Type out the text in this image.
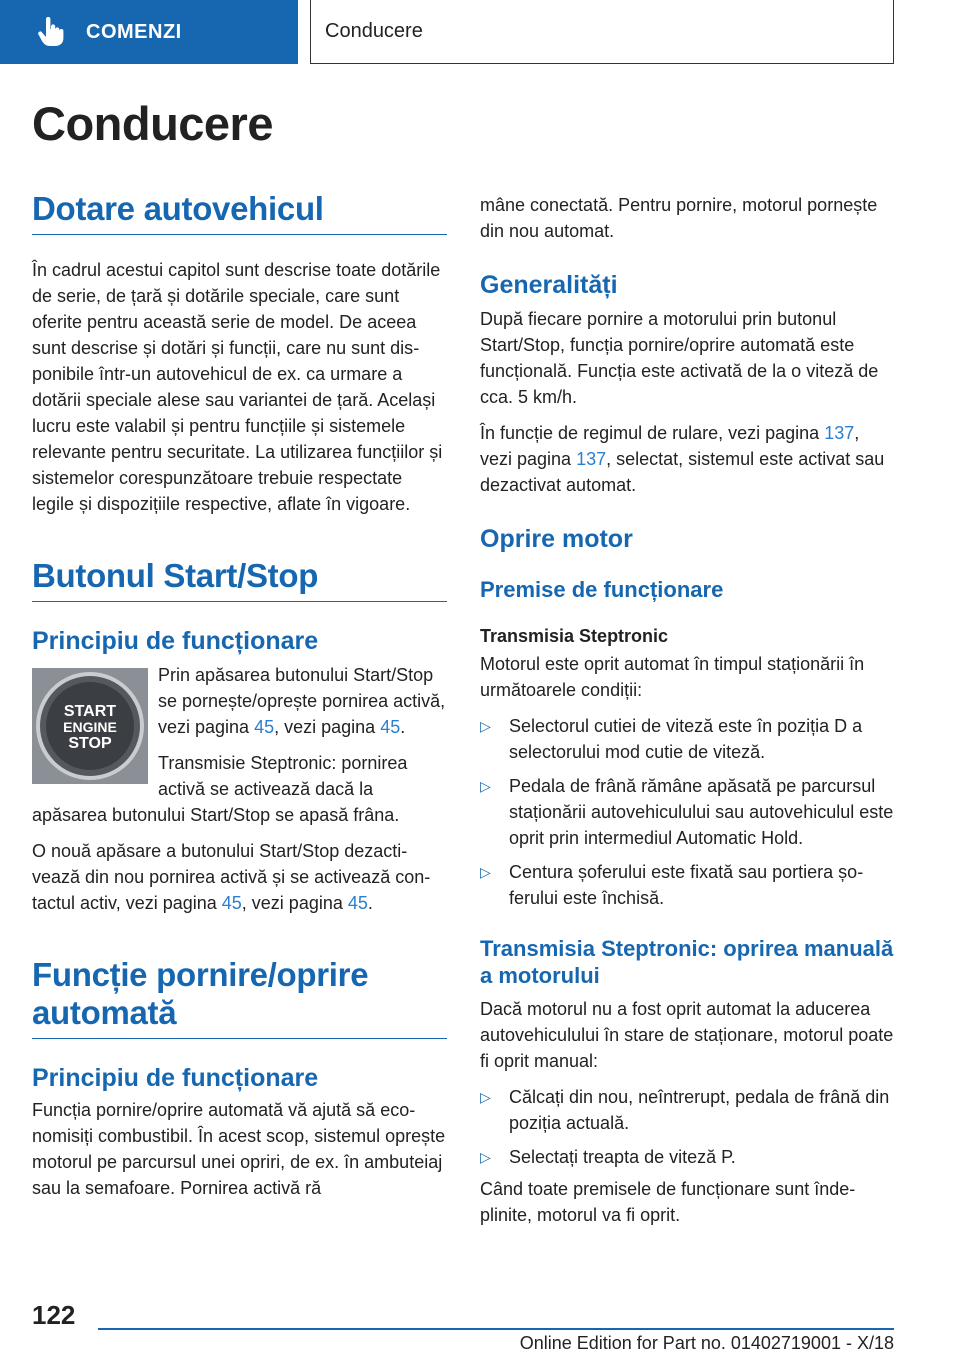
COMENZI	Conducere
Conducere
Dotare autovehicul

În cadrul acestui capitol sunt descrise toate dotările de serie, de țară și dotările speciale, care sunt oferite pentru această serie de model. De aceea sunt descrise și dotări și funcții, care nu sunt disponibile într-un autovehicul de ex. ca urmare a dotării speciale alese sau variantei de țară. Același lucru este valabil și pentru funcțiile și sistemele relevante pentru securitate. La utilizarea funcțiilor și sistemelor corespunzătoare trebuie respectate legile și dispozițiile respective, aflate în vigoare.

Butonul Start/Stop
Principiu de funcționare
START
ENGINE
STOP

Prin apăsarea butonului Start/Stop se pornește/oprește pornirea activă, vezi pagina 45, vezi pagina 45.

Transmisie Steptronic: pornirea activă se activează dacă la apăsarea butonului Start/Stop se apasă frâna.

O nouă apăsare a butonului Start/Stop dezactivează din nou pornirea activă și se activează contactul activ, vezi pagina 45, vezi pagina 45.

Funcție pornire/oprire automată
Principiu de funcționare

Funcția pornire/oprire automată vă ajută să economisiți combustibil. În acest scop, sistemul oprește motorul pe parcursul unei opriri, de ex. în ambuteiaj sau la semafoare. Pornirea activă ră

mâne conectată. Pentru pornire, motorul pornește din nou automat.

Generalități

După fiecare pornire a motorului prin butonul Start/Stop, funcția pornire/oprire automată este funcțională. Funcția este activată de la o viteză de cca. 5 km/h.

În funcție de regimul de rulare, vezi pagina 137, vezi pagina 137, selectat, sistemul este activat sau dezactivat automat.

Oprire motor
Premise de funcționare
Transmisia Steptronic

Motorul este oprit automat în timpul staționării în următoarele condiții:

▷ Selectorul cutiei de viteză este în poziția D a selectorului mod cutie de viteză.
▷ Pedala de frână rămâne apăsată pe parcursul staționării autovehiculului sau autovehiculul este oprit prin intermediul Automatic Hold.
▷ Centura șoferului este fixată sau portiera șoferului este închisă.
Transmisia Steptronic: oprirea manuală a motorului

Dacă motorul nu a fost oprit automat la aducerea autovehiculului în stare de staționare, motorul poate fi oprit manual:

▷ Călcați din nou, neîntrerupt, pedala de frână din poziția actuală.
▷ Selectați treapta de viteză P.

Când toate premisele de funcționare sunt îndeplinite, motorul va fi oprit.

122
Online Edition for Part no. 01402719001 - X/18
